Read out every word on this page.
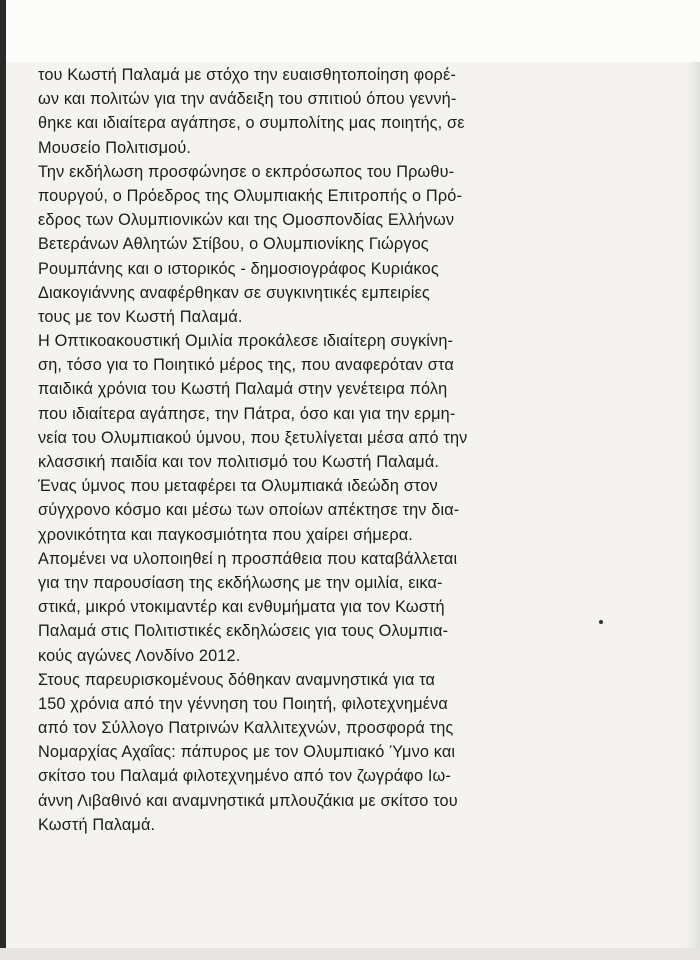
του Κωστή Παλαμά με στόχο την ευαισθητοποίηση φορέ-
ων και πολιτών για την ανάδειξη του σπιτιού όπου γεννή-
θηκε και ιδιαίτερα αγάπησε, ο συμπολίτης μας ποιητής, σε
Μουσείο Πολιτισμού.
Την εκδήλωση προσφώνησε ο εκπρόσωπος του Πρωθυ-
πουργού, ο Πρόεδρος της Ολυμπιακής Επιτροπής ο Πρό-
εδρος των Ολυμπιονικών και της Ομοσπονδίας Ελλήνων
Βετεράνων Αθλητών Στίβου, ο Ολυμπιονίκης Γιώργος
Ρουμπάνης και ο ιστορικός - δημοσιογράφος Κυριάκος
Διακογιάννης αναφέρθηκαν σε συγκινητικές εμπειρίες
τους με τον Κωστή Παλαμά.
Η Οπτικοακουστική Ομιλία προκάλεσε ιδιαίτερη συγκίνη-
ση, τόσο για το Ποιητικό μέρος της, που αναφερόταν στα
παιδικά χρόνια του Κωστή Παλαμά στην γενέτειρα πόλη
που ιδιαίτερα αγάπησε, την Πάτρα, όσο και για την ερμη-
νεία του Ολυμπιακού ύμνου, που ξετυλίγεται μέσα από την
κλασσική παιδία και τον πολιτισμό του Κωστή Παλαμά.
Ένας ύμνος που μεταφέρει τα Ολυμπιακά ιδεώδη στον
σύγχρονο κόσμο και μέσω των οποίων απέκτησε την δια-
χρονικότητα και παγκοσμιότητα που χαίρει σήμερα.
Απομένει να υλοποιηθεί η προσπάθεια που καταβάλλεται
για την παρουσίαση της εκδήλωσης με την ομιλία, εικα-
στικά, μικρό ντοκιμαντέρ και ενθυμήματα για τον Κωστή
Παλαμά στις Πολιτιστικές εκδηλώσεις για τους Ολυμπια-
κούς αγώνες Λονδίνο 2012.
Στους παρευρισκομένους δόθηκαν αναμνηστικά για τα
150 χρόνια από την γέννηση του Ποιητή, φιλοτεχνημένα
από τον Σύλλογο Πατρινών Καλλιτεχνών, προσφορά της
Νομαρχίας Αχαΐας: πάπυρος με τον Ολυμπιακό Ύμνο και
σκίτσο του Παλαμά φιλοτεχνημένο από τον ζωγράφο Ιω-
άννη Λιβαθινό και αναμνηστικά μπλουζάκια με σκίτσο του
Κωστή Παλαμά.
